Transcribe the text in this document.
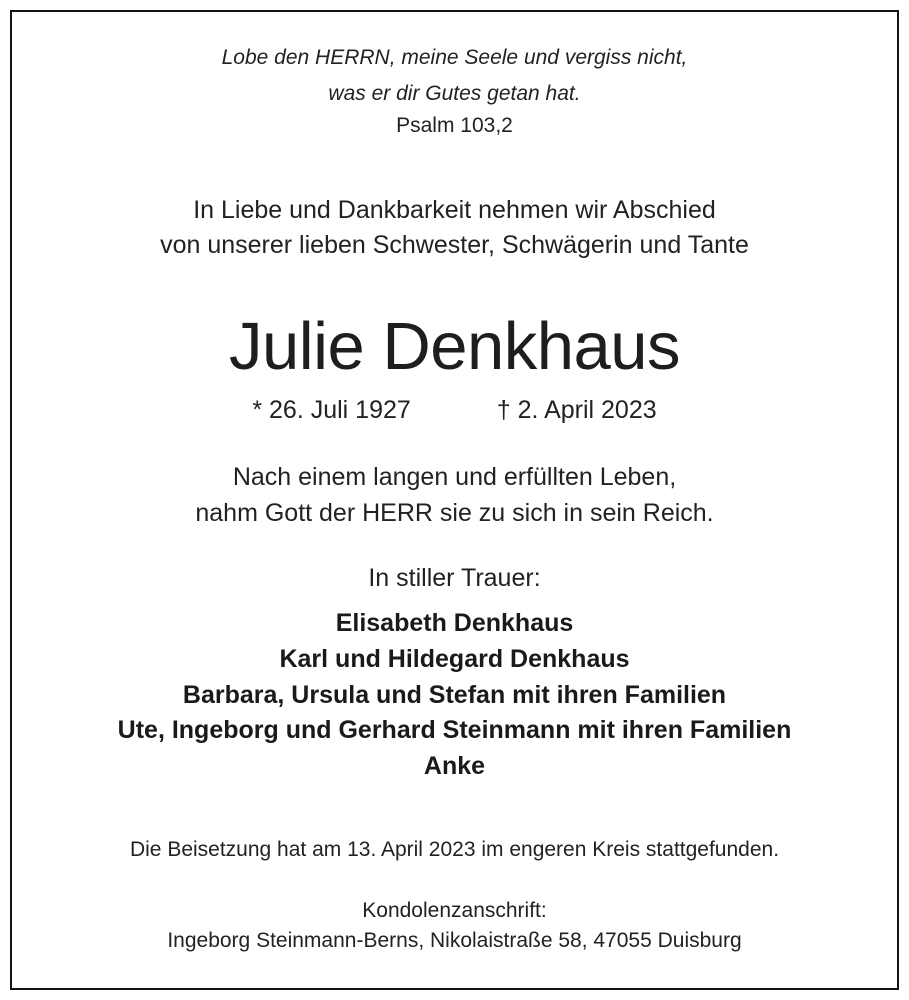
Lobe den HERRN, meine Seele und vergiss nicht,
was er dir Gutes getan hat.
Psalm 103,2
In Liebe und Dankbarkeit nehmen wir Abschied
von unserer lieben Schwester, Schwägerin und Tante
Julie Denkhaus
* 26. Juli 1927	† 2. April 2023
Nach einem langen und erfüllten Leben,
nahm Gott der HERR sie zu sich in sein Reich.
In stiller Trauer:
Elisabeth Denkhaus
Karl und Hildegard Denkhaus
Barbara, Ursula und Stefan mit ihren Familien
Ute, Ingeborg und Gerhard Steinmann mit ihren Familien
Anke
Die Beisetzung hat am 13. April 2023 im engeren Kreis stattgefunden.
Kondolenzanschrift:
Ingeborg Steinmann-Berns, Nikolaistraße 58, 47055 Duisburg
